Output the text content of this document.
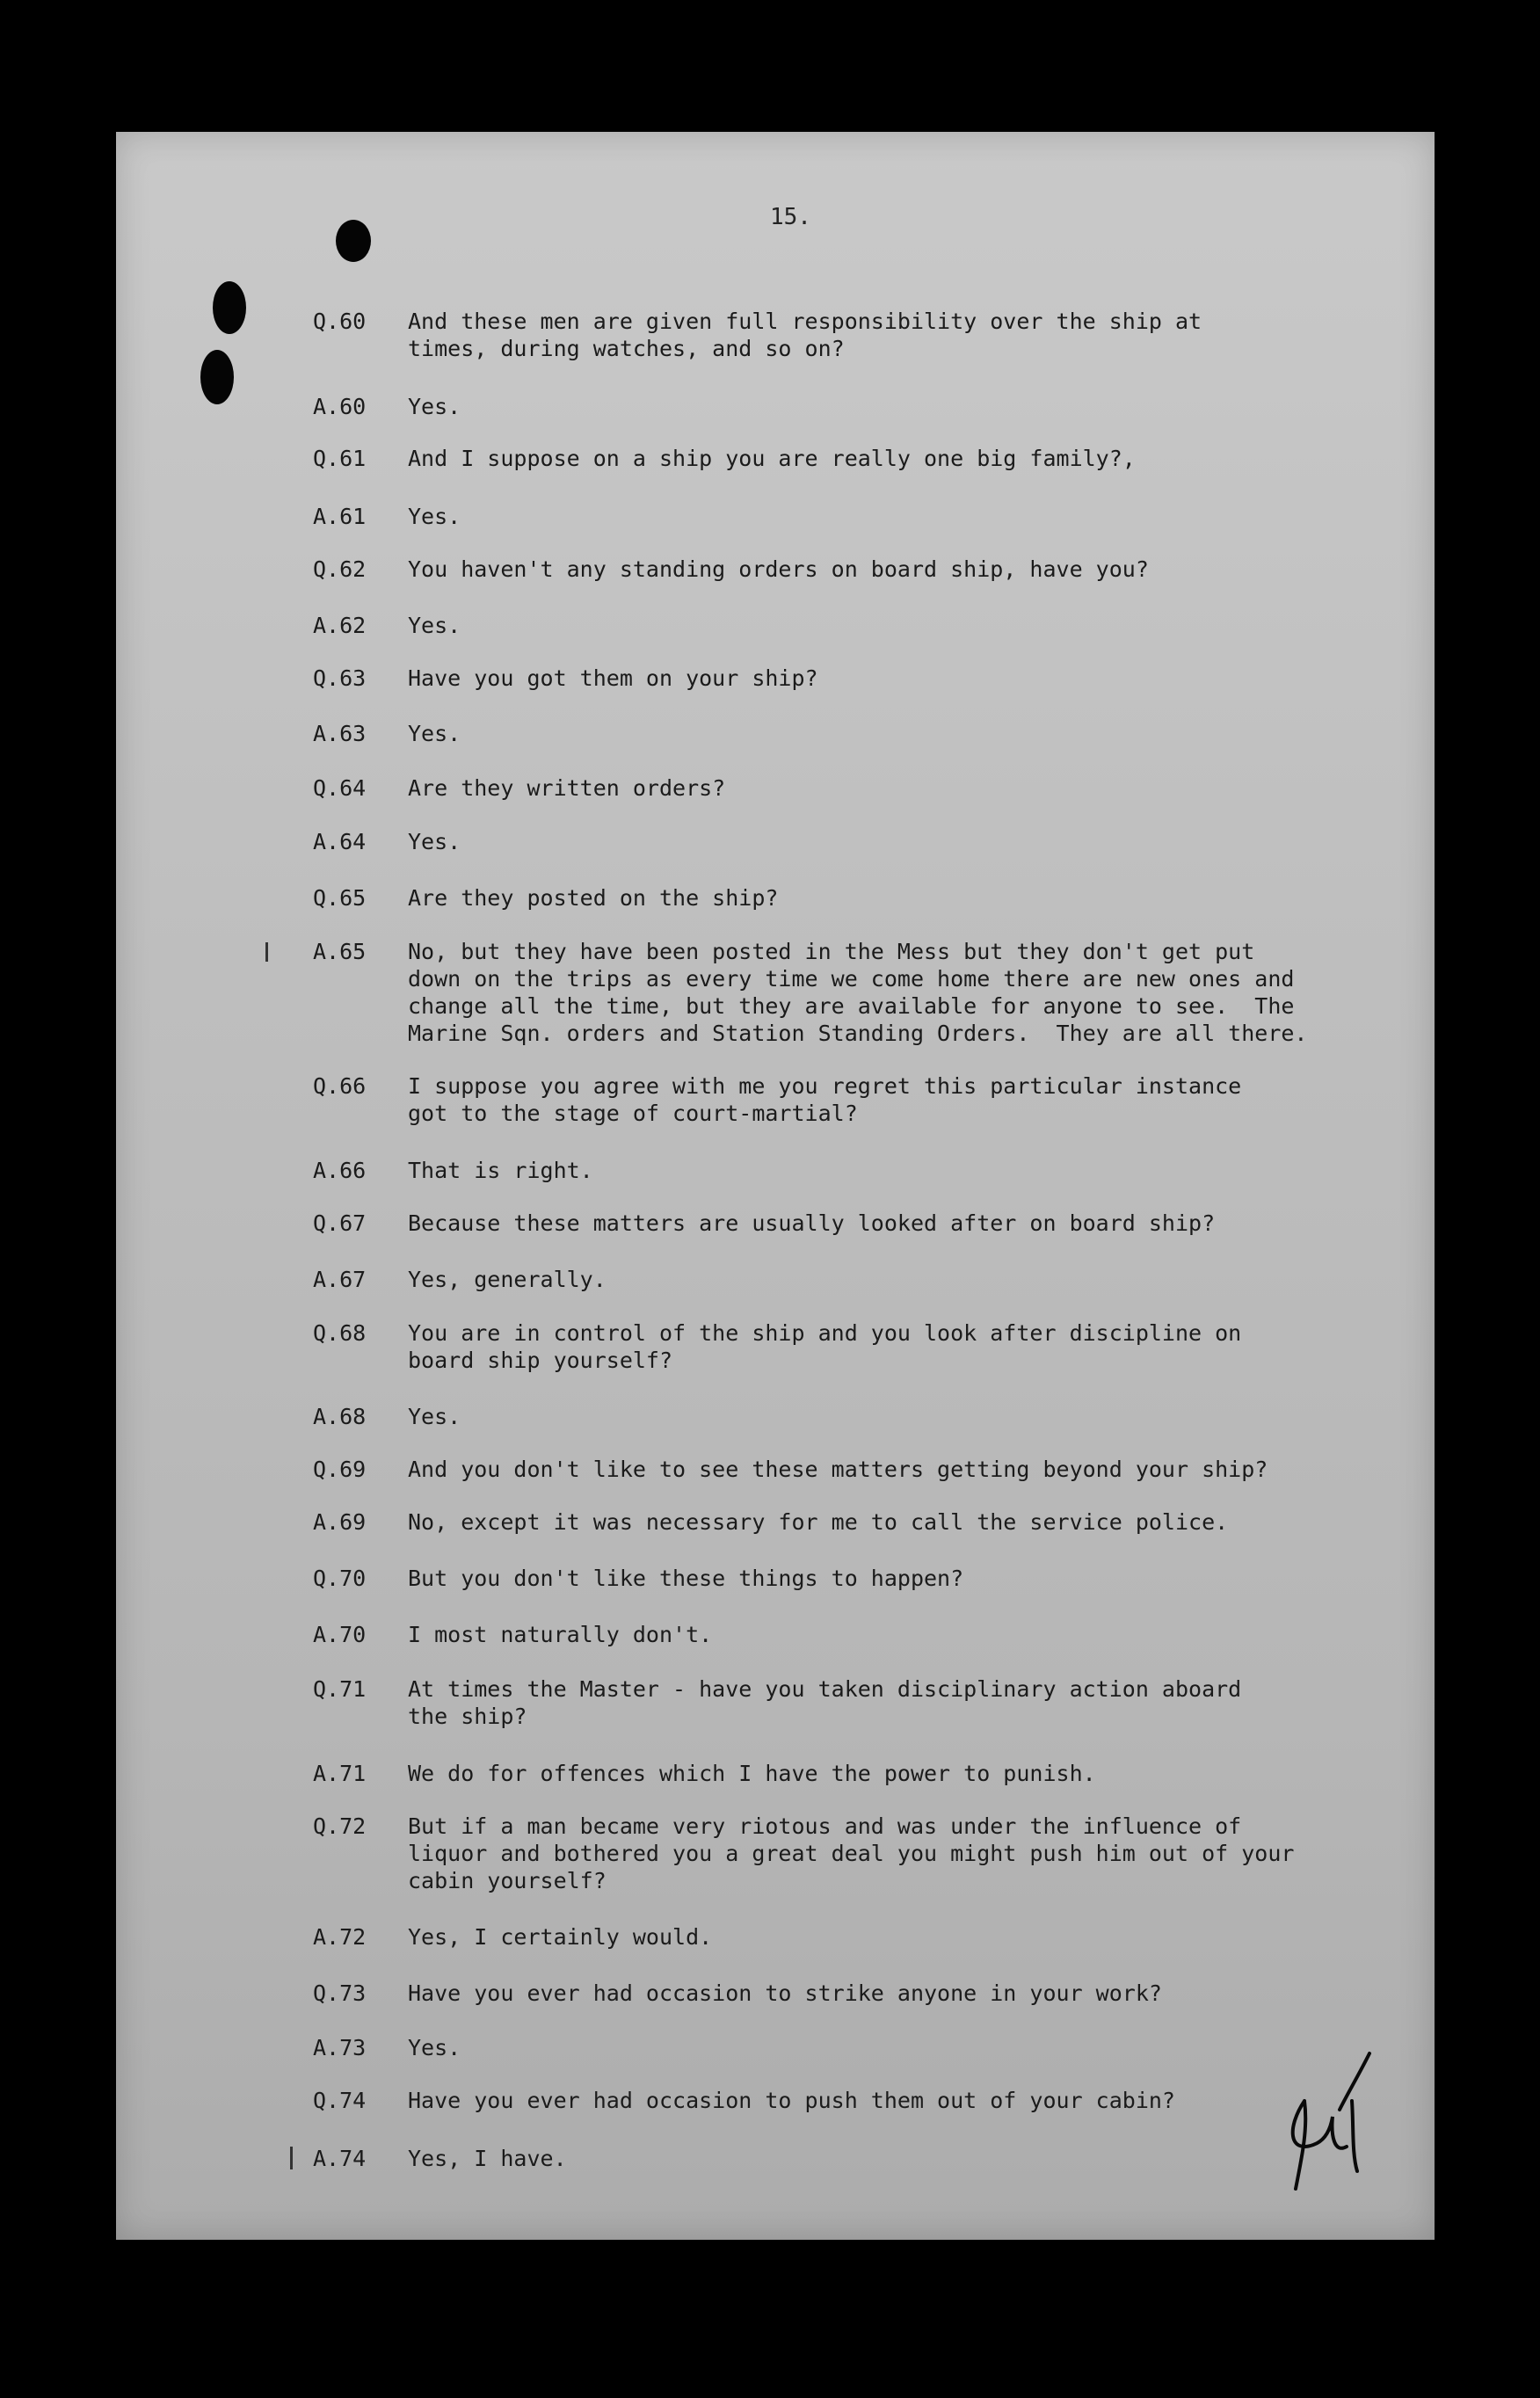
15.
Q.60	And these men are given full responsibility over the ship at
times, during watches, and so on?
A.60	Yes.
Q.61	And I suppose on a ship you are really one big family?,
A.61	Yes.
Q.62	You haven't any standing orders on board ship, have you?
A.62	Yes.
Q.63	Have you got them on your ship?
A.63	Yes.
Q.64	Are they written orders?
A.64	Yes.
Q.65	Are they posted on the ship?
A.65	No, but they have been posted in the Mess but they don't get put
down on the trips as every time we come home there are new ones and
change all the time, but they are available for anyone to see.  The
Marine Sqn. orders and Station Standing Orders.  They are all there.
Q.66	I suppose you agree with me you regret this particular instance
got to the stage of court-martial?
A.66	That is right.
Q.67	Because these matters are usually looked after on board ship?
A.67	Yes, generally.
Q.68	You are in control of the ship and you look after discipline on
board ship yourself?
A.68	Yes.
Q.69	And you don't like to see these matters getting beyond your ship?
A.69	No, except it was necessary for me to call the service police.
Q.70	But you don't like these things to happen?
A.70	I most naturally don't.
Q.71	At times the Master - have you taken disciplinary action aboard
the ship?
A.71	We do for offences which I have the power to punish.
Q.72	But if a man became very riotous and was under the influence of
liquor and bothered you a great deal you might push him out of your
cabin yourself?
A.72	Yes, I certainly would.
Q.73	Have you ever had occasion to strike anyone in your work?
A.73	Yes.
Q.74	Have you ever had occasion to push them out of your cabin?
A.74	Yes, I have.
